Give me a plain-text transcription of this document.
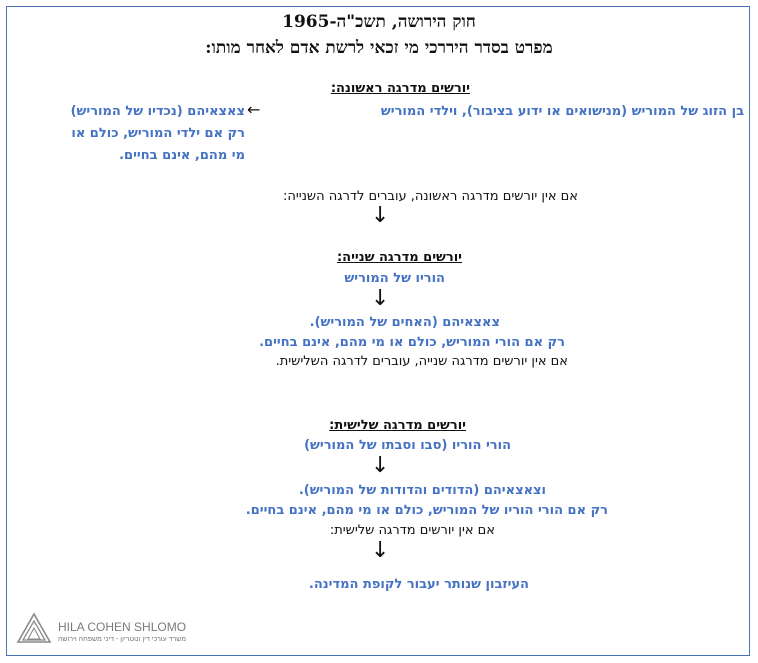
חוק הירושה, תשכ"ה-1965
מפרט בסדר היררכי מי זכאי לרשת אדם לאחר מותו:
יורשים מדרגה ראשונה:
בן הזוג של המוריש (מנישואים או ידוע בציבור), וילדי המוריש
←
צאצאיהם (נכדיו של המוריש)
רק אם ילדי המוריש, כולם או
מי מהם, אינם בחיים.
אם אין יורשים מדרגה ראשונה, עוברים לדרגה השנייה:
↓
יורשים מדרגה שנייה:
הוריו של המוריש
↓
צאצאיהם (האחים של המוריש).
רק אם הורי המוריש, כולם או מי מהם, אינם בחיים.
אם אין יורשים מדרגה שנייה, עוברים לדרגה השלישית.
יורשים מדרגה שלישית:
הורי הוריו (סבו וסבתו של המוריש)
↓
וצאצאיהם (הדודים והדודות של המוריש).
רק אם הורי הוריו של המוריש, כולם או מי מהם, אינם בחיים.
אם אין יורשים מדרגה שלישית:
↓
העיזבון שנותר יעבור לקופת המדינה.
HILA COHEN SHLOMO
משרד עורכי דין ונוטריון - דיני משפחה וירושה
